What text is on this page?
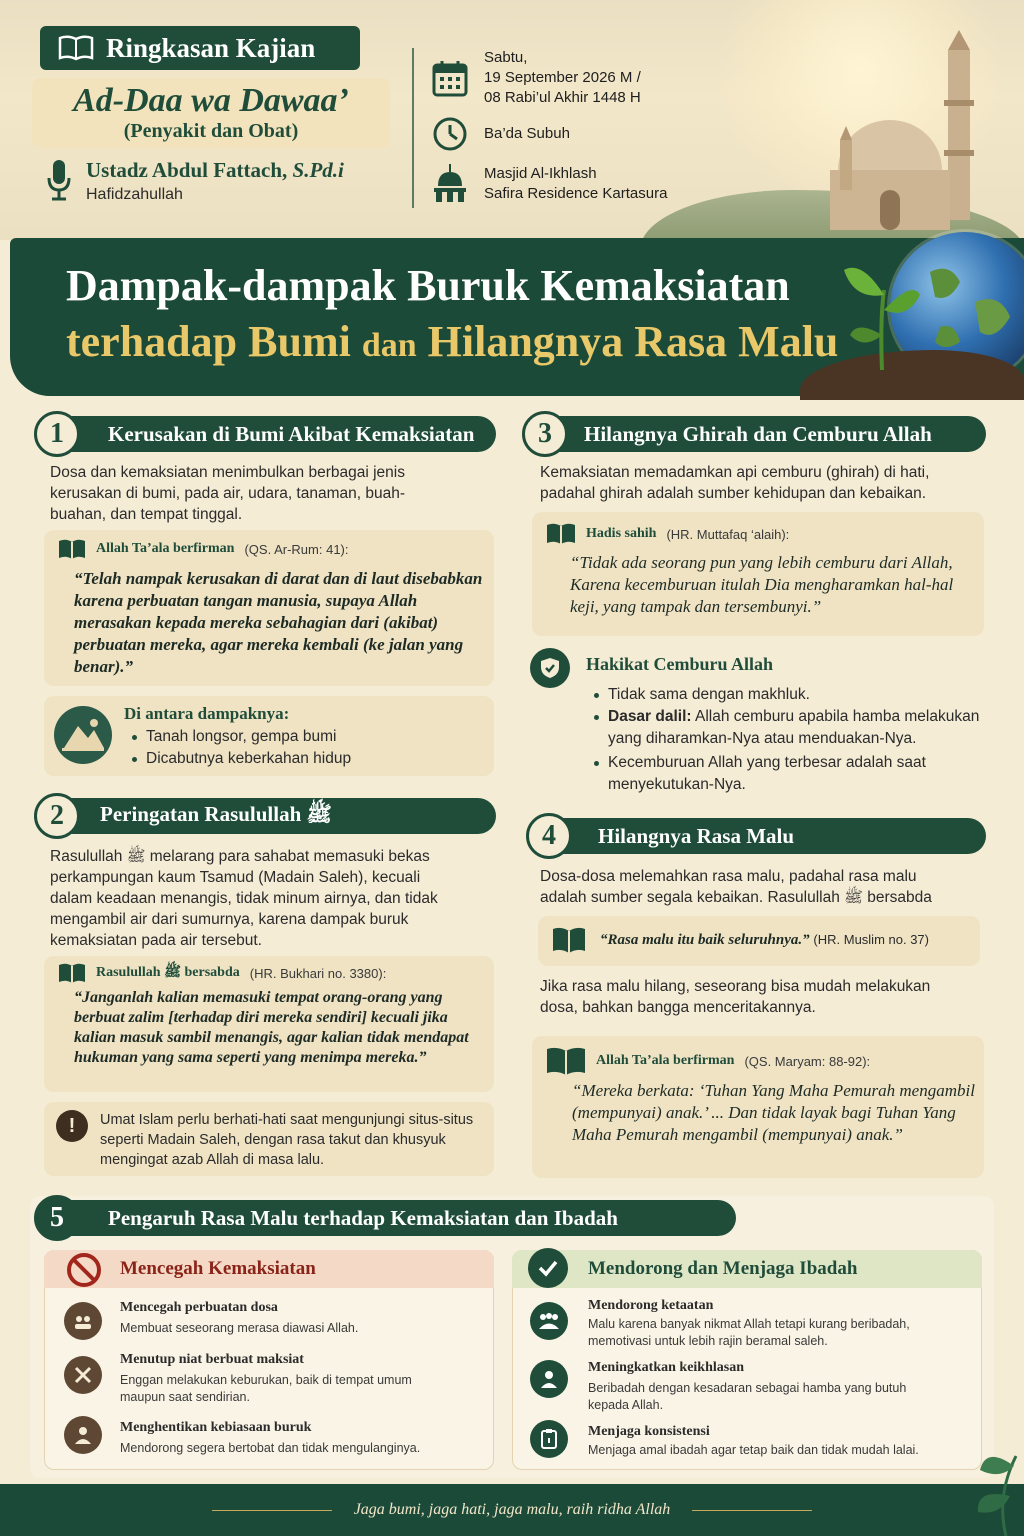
Ringkasan Kajian
Ad-Daa wa Dawaa’
(Penyakit dan Obat)
Ustadz Abdul Fattach, S.Pd.i
Hafidzahullah
Sabtu,
19 September 2026 M /
08 Rabi’ul Akhir 1448 H
Ba’da Subuh
Masjid Al-Ikhlash
Safira Residence Kartasura
Dampak-dampak Buruk Kemaksiatan
terhadap Bumi dan Hilangnya Rasa Malu
Kerusakan di Bumi Akibat Kemaksiatan
1
Dosa dan kemaksiatan menimbulkan berbagai jenis kerusakan di bumi, pada air, udara, tanaman, buah-buahan, dan tempat tinggal.
Allah Ta’ala berfirman (QS. Ar-Rum: 41):
“Telah nampak kerusakan di darat dan di laut disebabkan karena perbuatan tangan manusia, supaya Allah merasakan kepada mereka sebahagian dari (akibat) perbuatan mereka, agar mereka kembali (ke jalan yang benar).”
Di antara dampaknya:
Tanah longsor, gempa bumi
Dicabutnya keberkahan hidup
Peringatan Rasulullah ﷺ
2
Rasulullah ﷺ melarang para sahabat memasuki bekas perkampungan kaum Tsamud (Madain Saleh), kecuali dalam keadaan menangis, tidak minum airnya, dan tidak mengambil air dari sumurnya, karena dampak buruk kemaksiatan pada air tersebut.
Rasulullah ﷺ bersabda (HR. Bukhari no. 3380):
“Janganlah kalian memasuki tempat orang-orang yang berbuat zalim [terhadap diri mereka sendiri] kecuali jika kalian masuk sambil menangis, agar kalian tidak mendapat hukuman yang sama seperti yang menimpa mereka.”
!	Umat Islam perlu berhati-hati saat mengunjungi situs-situs seperti Madain Saleh, dengan rasa takut dan khusyuk mengingat azab Allah di masa lalu.
Hilangnya Ghirah dan Cemburu Allah
3
Kemaksiatan memadamkan api cemburu (ghirah) di hati, padahal ghirah adalah sumber kehidupan dan kebaikan.
Hadis sahih (HR. Muttafaq ‘alaih):
“Tidak ada seorang pun yang lebih cemburu dari Allah, Karena kecemburuan itulah Dia mengharamkan hal-hal keji, yang tampak dan tersembunyi.”
Hakikat Cemburu Allah
Tidak sama dengan makhluk.
Dasar dalil: Allah cemburu apabila hamba melakukan yang diharamkan-Nya atau menduakan-Nya.
Kecemburuan Allah yang terbesar adalah saat menyekutukan-Nya.
Hilangnya Rasa Malu
4
Dosa-dosa melemahkan rasa malu, padahal rasa malu adalah sumber segala kebaikan. Rasulullah ﷺ bersabda
“Rasa malu itu baik seluruhnya.” (HR. Muslim no. 37)
Jika rasa malu hilang, seseorang bisa mudah melakukan dosa, bahkan bangga menceritakannya.
Allah Ta’ala berfirman (QS. Maryam: 88-92):
“Mereka berkata: ‘Tuhan Yang Maha Pemurah mengambil (mempunyai) anak.’ ... Dan tidak layak bagi Tuhan Yang Maha Pemurah mengambil (mempunyai) anak.”
Pengaruh Rasa Malu terhadap Kemaksiatan dan Ibadah
5
Mencegah Kemaksiatan
Mencegah perbuatan dosa
Membuat seseorang merasa diawasi Allah.
Menutup niat berbuat maksiat
Enggan melakukan keburukan, baik di tempat umum maupun saat sendirian.
Menghentikan kebiasaan buruk
Mendorong segera bertobat dan tidak mengulanginya.
Mendorong dan Menjaga Ibadah
Mendorong ketaatan
Malu karena banyak nikmat Allah tetapi kurang beribadah, memotivasi untuk lebih rajin beramal saleh.
Meningkatkan keikhlasan
Beribadah dengan kesadaran sebagai hamba yang butuh kepada Allah.
Menjaga konsistensi
Menjaga amal ibadah agar tetap baik dan tidak mudah lalai.
Jaga bumi, jaga hati, jaga malu, raih ridha Allah
